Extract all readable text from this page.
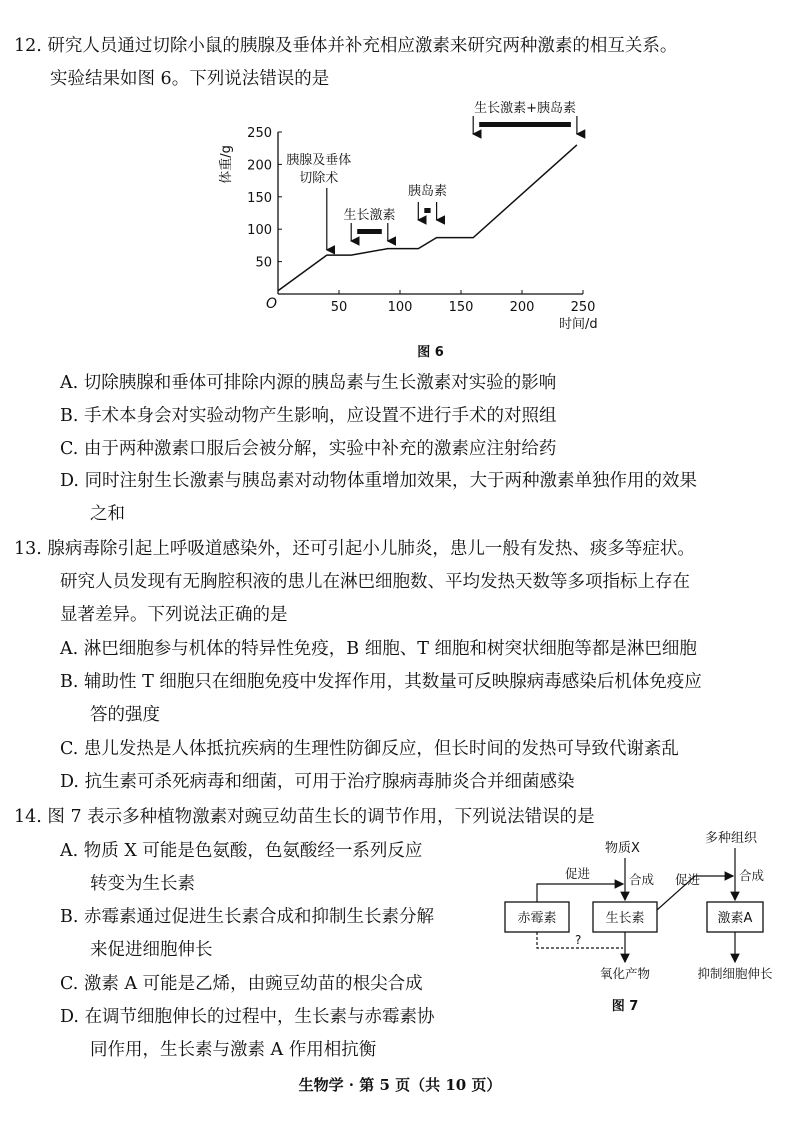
12. 研究人员通过切除小鼠的胰腺及垂体并补充相应激素来研究两种激素的相互关系。
实验结果如图 6。下列说法错误的是
O	50	100	150	200	250
50
100
150
200
250
时间/d
体重/g	胰腺及垂体
切除术
生长激素
胰岛素
生长激素+胰岛素
图 6
A. 切除胰腺和垂体可排除内源的胰岛素与生长激素对实验的影响
B. 手术本身会对实验动物产生影响，应设置不进行手术的对照组
C. 由于两种激素口服后会被分解，实验中补充的激素应注射给药
D. 同时注射生长激素与胰岛素对动物体重增加效果，大于两种激素单独作用的效果
之和
13. 腺病毒除引起上呼吸道感染外，还可引起小儿肺炎，患儿一般有发热、痰多等症状。
研究人员发现有无胸腔积液的患儿在淋巴细胞数、平均发热天数等多项指标上存在
显著差异。下列说法正确的是
A. 淋巴细胞参与机体的特异性免疫，B 细胞、T 细胞和树突状细胞等都是淋巴细胞
B. 辅助性 T 细胞只在细胞免疫中发挥作用，其数量可反映腺病毒感染后机体免疫应
答的强度
C. 患儿发热是人体抵抗疾病的生理性防御反应，但长时间的发热可导致代谢紊乱
D. 抗生素可杀死病毒和细菌，可用于治疗腺病毒肺炎合并细菌感染
14. 图 7 表示多种植物激素对豌豆幼苗生长的调节作用，下列说法错误的是
A. 物质 X 可能是色氨酸，色氨酸经一系列反应
转变为生长素
B. 赤霉素通过促进生长素合成和抑制生长素分解
来促进细胞伸长
C. 激素 A 可能是乙烯，由豌豆幼苗的根尖合成
D. 在调节细胞伸长的过程中，生长素与赤霉素协
同作用，生长素与激素 A 作用相抗衡
物质X
多种组织
赤霉素	生长素	激素A
合成
促进	合成
促进
?
氧化产物	抑制细胞伸长
图 7
生物学 · 第 5 页（共 10 页）
